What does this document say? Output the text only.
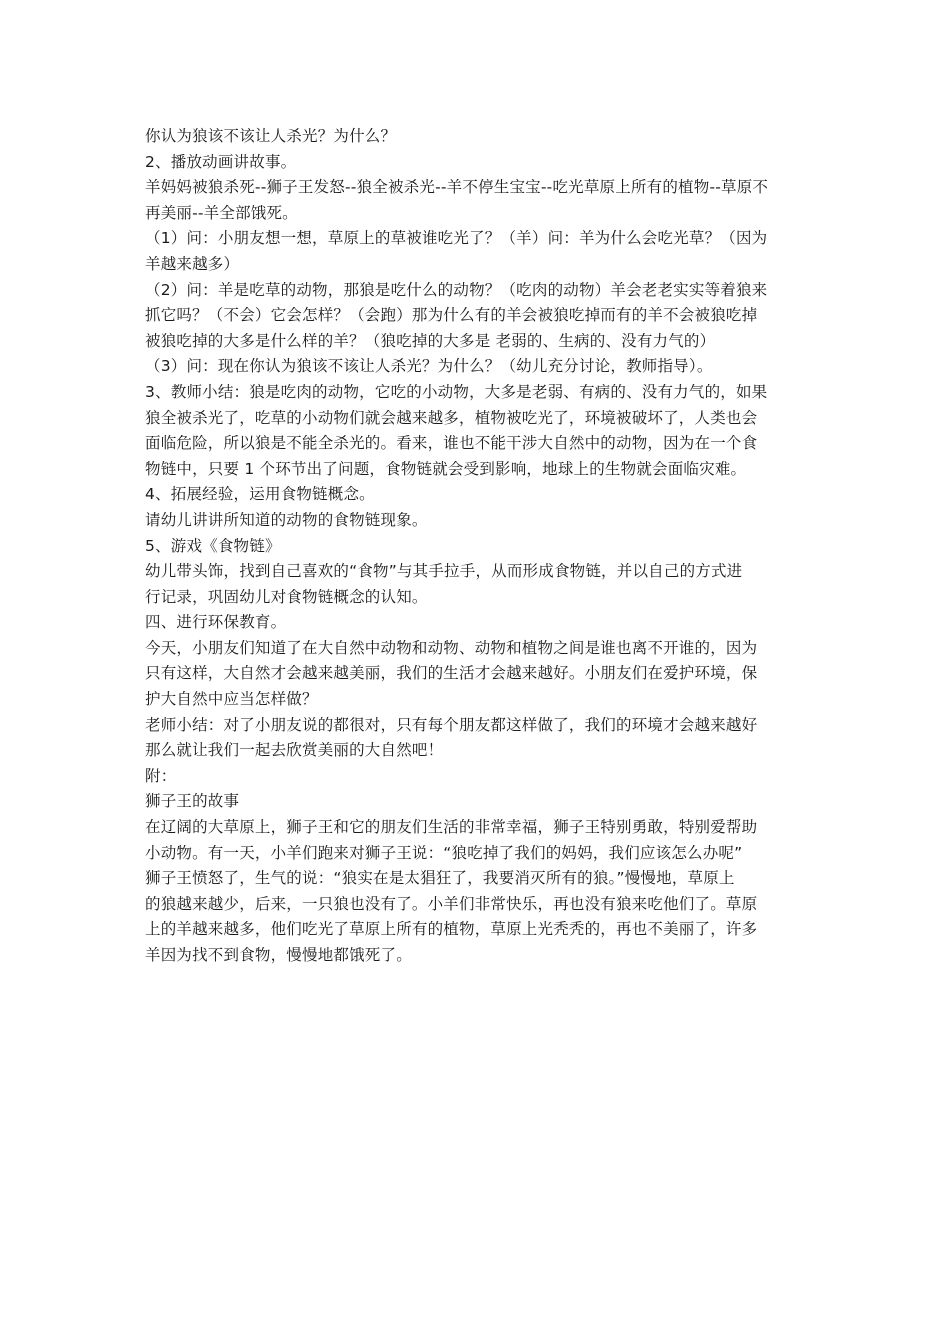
你认为狼该不该让人杀光？为什么？

2、播放动画讲故事。

羊妈妈被狼杀死--狮子王发怒--狼全被杀光--羊不停生宝宝--吃光草原上所有的植物--草原不

再美丽--羊全部饿死。

（1）问：小朋友想一想，草原上的草被谁吃光了？（羊）问：羊为什么会吃光草？（因为

羊越来越多）

（2）问：羊是吃草的动物，那狼是吃什么的动物？（吃肉的动物）羊会老老实实等着狼来

抓它吗？（不会）它会怎样？（会跑）那为什么有的羊会被狼吃掉而有的羊不会被狼吃掉

被狼吃掉的大多是什么样的羊？（狼吃掉的大多是 老弱的、生病的、没有力气的）

（3）问：现在你认为狼该不该让人杀光？为什么？（幼儿充分讨论，教师指导）。

3、教师小结：狼是吃肉的动物，它吃的小动物，大多是老弱、有病的、没有力气的，如果

狼全被杀光了，吃草的小动物们就会越来越多，植物被吃光了，环境被破坏了，人类也会

面临危险，所以狼是不能全杀光的。看来，谁也不能干涉大自然中的动物，因为在一个食

物链中，只要 1 个环节出了问题，食物链就会受到影响，地球上的生物就会面临灾难。

4、拓展经验，运用食物链概念。

请幼儿讲讲所知道的动物的食物链现象。

5、游戏《食物链》

幼儿带头饰，找到自己喜欢的“食物”与其手拉手，从而形成食物链，并以自己的方式进

行记录，巩固幼儿对食物链概念的认知。

四、进行环保教育。

今天，小朋友们知道了在大自然中动物和动物、动物和植物之间是谁也离不开谁的，因为

只有这样，大自然才会越来越美丽，我们的生活才会越来越好。小朋友们在爱护环境，保

护大自然中应当怎样做？

老师小结：对了小朋友说的都很对，只有每个朋友都这样做了，我们的环境才会越来越好

那么就让我们一起去欣赏美丽的大自然吧！

附：

狮子王的故事

在辽阔的大草原上，狮子王和它的朋友们生活的非常幸福，狮子王特别勇敢，特别爱帮助

小动物。有一天，小羊们跑来对狮子王说：“狼吃掉了我们的妈妈，我们应该怎么办呢”

狮子王愤怒了，生气的说：“狼实在是太猖狂了，我要消灭所有的狼。”慢慢地，草原上

的狼越来越少，后来，一只狼也没有了。小羊们非常快乐，再也没有狼来吃他们了。草原

上的羊越来越多，他们吃光了草原上所有的植物，草原上光秃秃的，再也不美丽了，许多

羊因为找不到食物，慢慢地都饿死了。
